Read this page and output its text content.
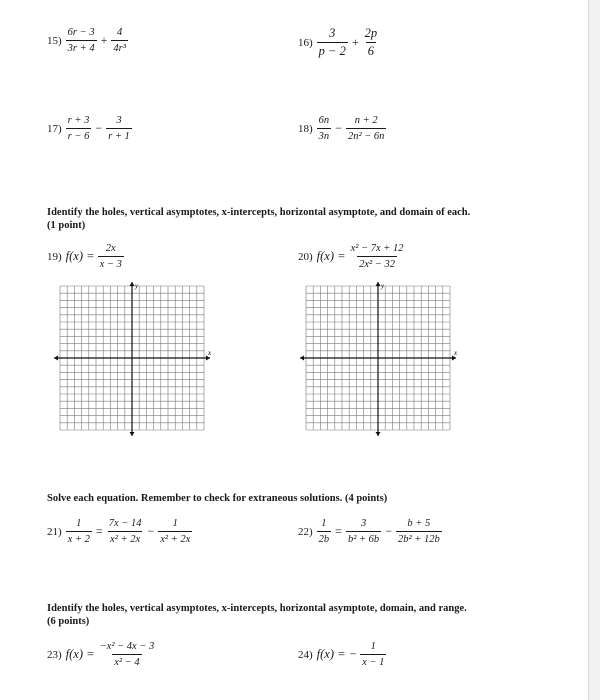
$15) \frac{6r - 3}{3r + 4} + \frac{4}{\text{4r³}}$	$16) \frac{3}{p - 2} + \frac{2p}{6}$
$17) \frac{r + 3}{r - 6} - \frac{3}{r + 1}$	$18) \frac{6n}{3n} - \frac{n + 2}{\text{2n² − 6n}}$
Identify the holes, vertical asymptotes, x-intercepts, horizontal asymptote, and domain of each.
(1 point)
19) $f(x) = \frac{2x}{x - 3}$	20) $f(x) = \frac{\text{x² − 7x + 12}}{\text{2x² − 32}}$
x
y
x
y
Solve each equation. Remember to check for extraneous solutions. (4 points)
$21) \frac{1}{x + 2} = \frac{7x - 14}{\text{x² + 2x}} - \frac{1}{\text{x² + 2x}}$	$22) \frac{1}{2b} = \frac{3}{\text{b² + 6b}} - \frac{b + 5}{\text{2b² + 12b}}$
Identify the holes, vertical asymptotes, x-intercepts, horizontal asymptote, domain, and range.
(6 points)
23) $f(x) = \frac{\text{−x² − 4x − 3}}{\text{x² − 4}}$	24) f(x) = − $\frac{1}{x - 1}$
